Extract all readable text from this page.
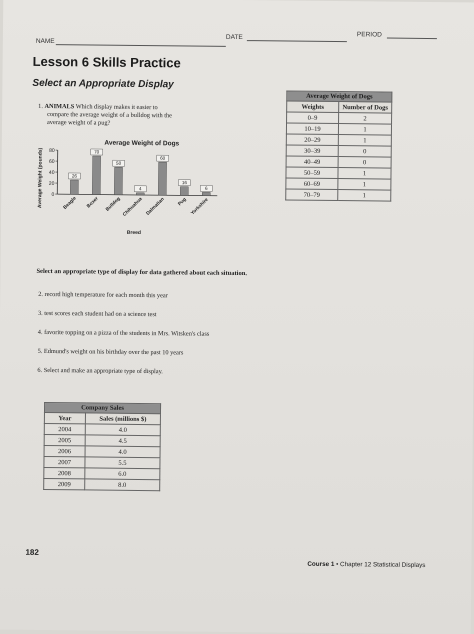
DATE	PERIOD
NAME
Lesson 6 Skills Practice
Select an Appropriate Display
1. ANIMALS Which display makes it easier to
compare the average weight of a bulldog with the
average weight of a pug?
Average Weight of Dogs
Average Weight (pounds) 0
20
40
60
80
26
70
50
4
60
16
6
Beagle Boxer Bulldog Chihuahua Dalmatian	Pug Yorkshire
Breed
Average Weight of Dogs	
Weights	Number of Dogs
0–9	2
10–19	1
20–29	1
30–39	0
40–49	0
50–59	1
60–69	1
70–79	1
Select an appropriate type of display for data gathered about each situation.
2. record high temperature for each month this year
3. test scores each student had on a science test
4. favorite topping on a pizza of the students in Mrs. Witsken's class
5. Edmund's weight on his birthday over the past 10 years
6. Select and make an appropriate type of display.
Company Sales	
Year	Sales (millions $)
2004	4.0
2005	4.5
2006	4.0
2007	5.5
2008	6.0
2009	8.0
182
Course 1 • Chapter 12 Statistical Displays
